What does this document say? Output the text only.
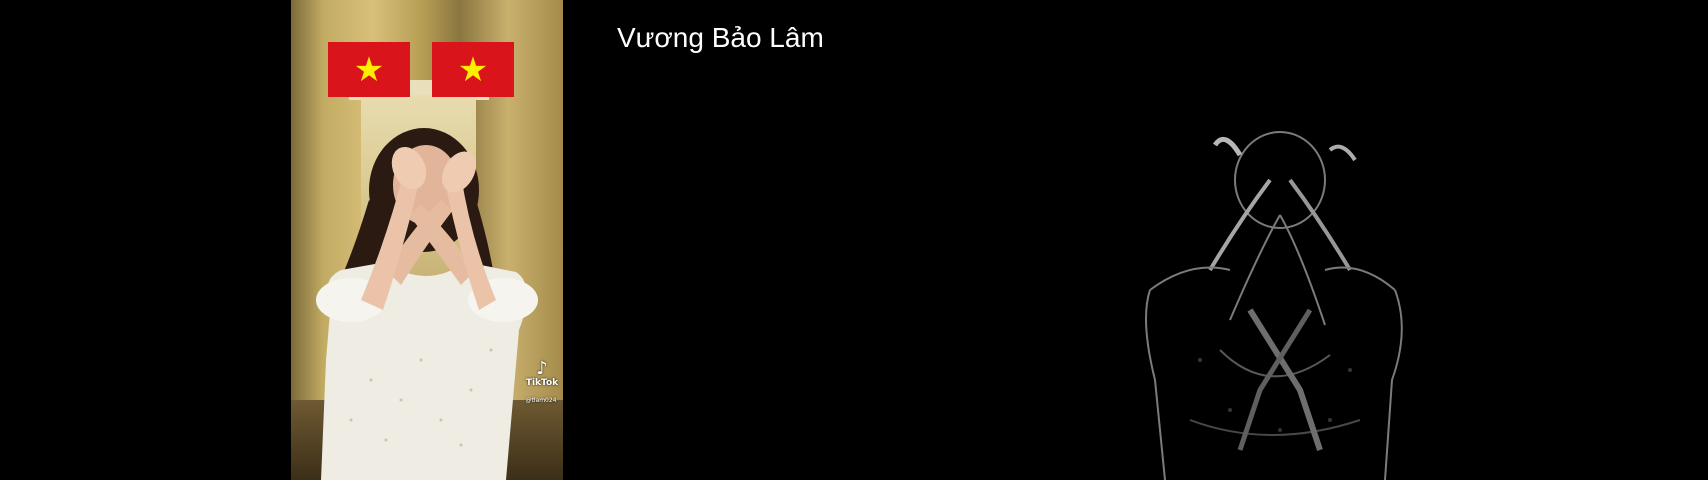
★ ★
♪
TikTok
@tlam024
Vương Bảo Lâm
